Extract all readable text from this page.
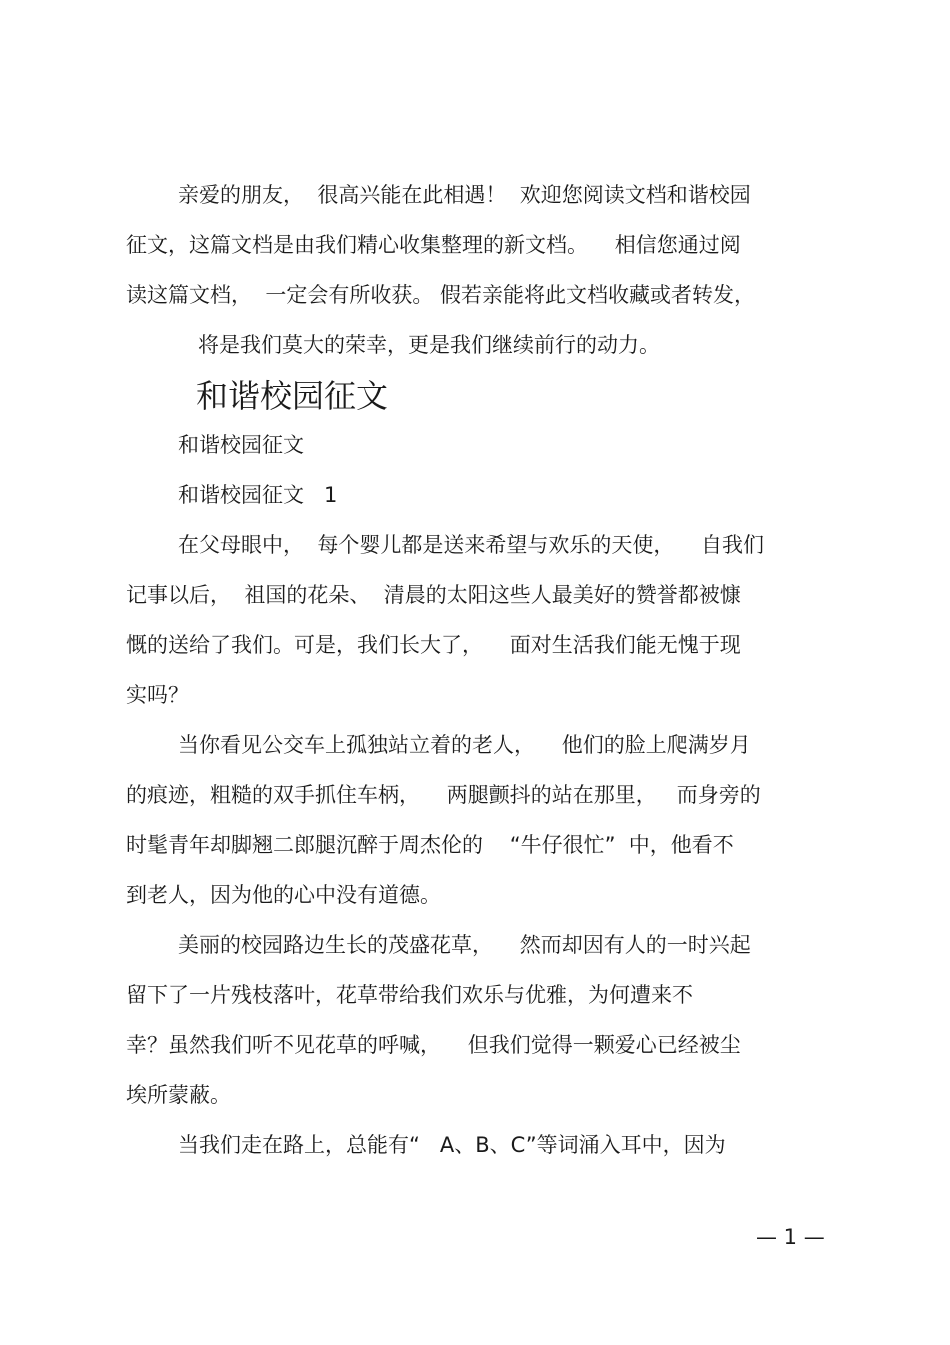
亲爱的朋友，  很高兴能在此相遇！  欢迎您阅读文档和谐校园
征文，这篇文档是由我们精心收集整理的新文档。    相信您通过阅
读这篇文档，  一定会有所收获。 假若亲能将此文档收藏或者转发，
将是我们莫大的荣幸，更是我们继续前行的动力。
和谐校园征文
和谐校园征文
和谐校园征文   1
在父母眼中，  每个婴儿都是送来希望与欢乐的天使，    自我们
记事以后，  祖国的花朵、  清晨的太阳这些人最美好的赞誉都被慷
慨的送给了我们。可是，我们长大了，    面对生活我们能无愧于现
实吗？
当你看见公交车上孤独站立着的老人，    他们的脸上爬满岁月
的痕迹，粗糙的双手抓住车柄，    两腿颤抖的站在那里，   而身旁的
时髦青年却脚翘二郎腿沉醉于周杰伦的    “牛仔很忙”  中，他看不
到老人，因为他的心中没有道德。
美丽的校园路边生长的茂盛花草，    然而却因有人的一时兴起
留下了一片残枝落叶，花草带给我们欢乐与优雅，为何遭来不
幸？虽然我们听不见花草的呼喊，    但我们觉得一颗爱心已经被尘
埃所蒙蔽。
当我们走在路上，总能有“   A、B、C”等词涌入耳中，因为
— 1 —
